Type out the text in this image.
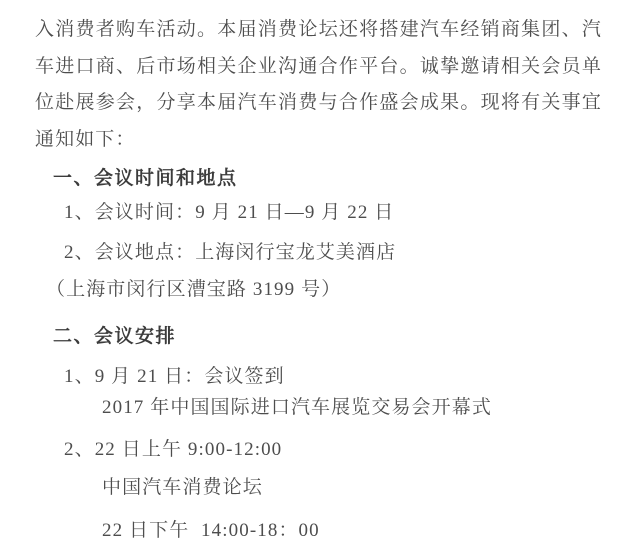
入消费者购车活动。本届消费论坛还将搭建汽车经销商集团、汽车进口商、后市场相关企业沟通合作平台。诚挚邀请相关会员单位赴展参会，分享本届汽车消费与合作盛会成果。现将有关事宜通知如下：

一、会议时间和地点

1、会议时间：9 月 21 日—9 月 22 日

2、会议地点：上海闵行宝龙艾美酒店

（上海市闵行区漕宝路 3199 号）

二、会议安排

1、9 月 21 日：会议签到

2017 年中国国际进口汽车展览交易会开幕式

2、22 日上午 9:00-12:00

中国汽车消费论坛

22 日下午  14:00-18：00
